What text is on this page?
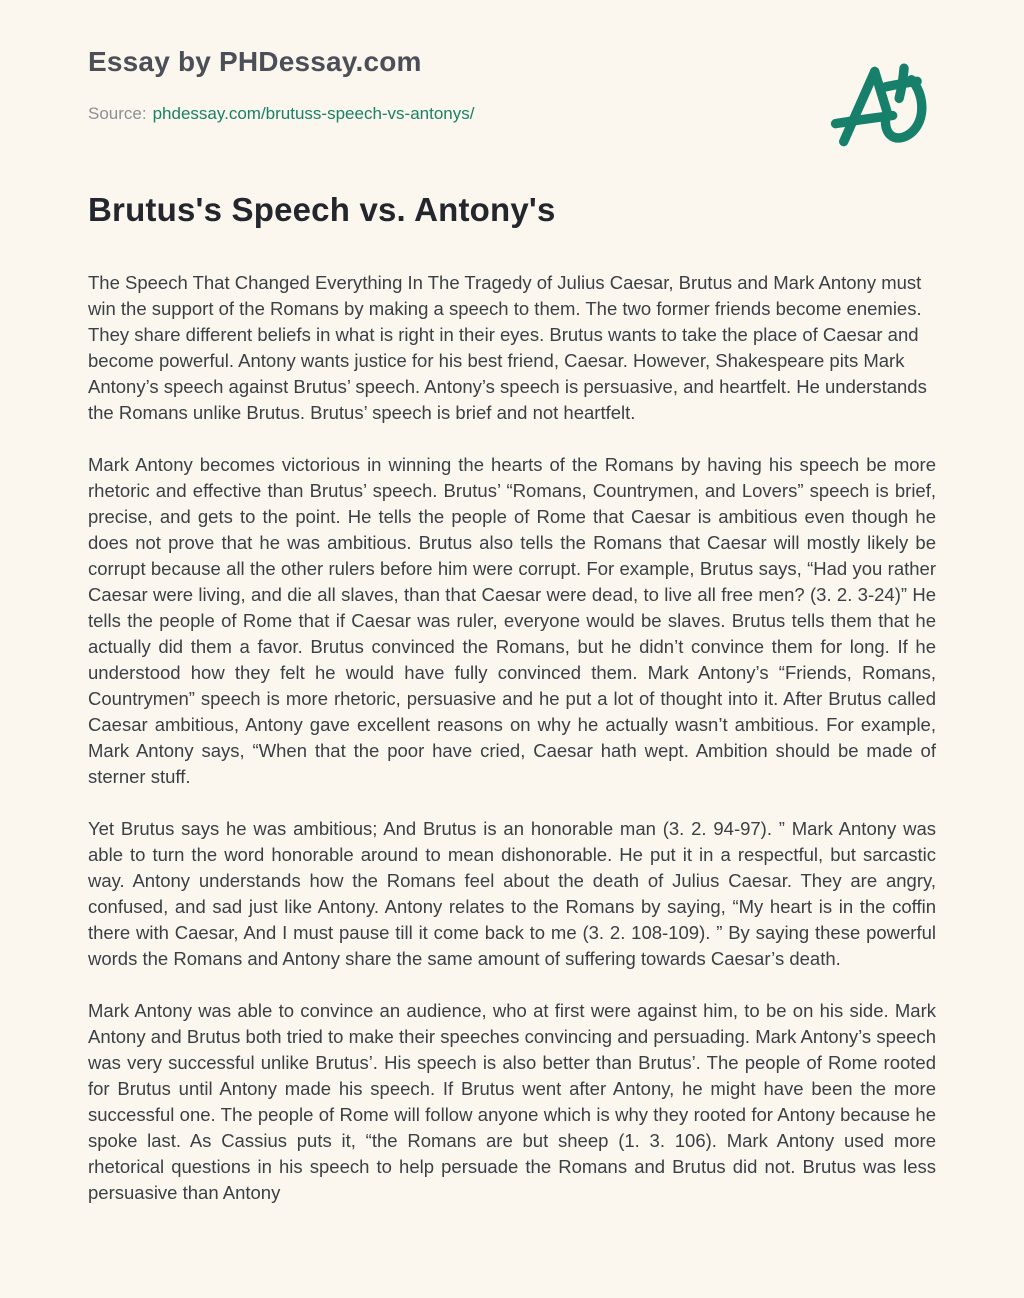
Essay by PHDessay.com
Source: phdessay.com/brutuss-speech-vs-antonys/
Brutus's Speech vs. Antony's

The Speech That Changed Everything In The Tragedy of Julius Caesar, Brutus and Mark Antony must win the support of the Romans by making a speech to them. The two former friends become enemies. They share different beliefs in what is right in their eyes. Brutus wants to take the place of Caesar and become powerful. Antony wants justice for his best friend, Caesar. However, Shakespeare pits Mark Antony’s speech against Brutus’ speech. Antony’s speech is persuasive, and heartfelt. He understands the Romans unlike Brutus. Brutus’ speech is brief and not heartfelt.

Mark Antony becomes victorious in winning the hearts of the Romans by having his speech be more rhetoric and effective than Brutus’ speech. Brutus’ “Romans, Countrymen, and Lovers” speech is brief, precise, and gets to the point. He tells the people of Rome that Caesar is ambitious even though he does not prove that he was ambitious. Brutus also tells the Romans that Caesar will mostly likely be corrupt because all the other rulers before him were corrupt. For example, Brutus says, “Had you rather Caesar were living, and die all slaves, than that Caesar were dead, to live all free men? (3. 2. 3-24)” He tells the people of Rome that if Caesar was ruler, everyone would be slaves. Brutus tells them that he actually did them a favor. Brutus convinced the Romans, but he didn’t convince them for long. If he understood how they felt he would have fully convinced them. Mark Antony’s “Friends, Romans, Countrymen” speech is more rhetoric, persuasive and he put a lot of thought into it. After Brutus called Caesar ambitious, Antony gave excellent reasons on why he actually wasn’t ambitious. For example, Mark Antony says, “When that the poor have cried, Caesar hath wept. Ambition should be made of sterner stuff.

Yet Brutus says he was ambitious; And Brutus is an honorable man (3. 2. 94-97). ” Mark Antony was able to turn the word honorable around to mean dishonorable. He put it in a respectful, but sarcastic way. Antony understands how the Romans feel about the death of Julius Caesar. They are angry, confused, and sad just like Antony. Antony relates to the Romans by saying, “My heart is in the coffin there with Caesar, And I must pause till it come back to me (3. 2. 108-109). ” By saying these powerful words the Romans and Antony share the same amount of suffering towards Caesar’s death.

Mark Antony was able to convince an audience, who at first were against him, to be on his side. Mark Antony and Brutus both tried to make their speeches convincing and persuading. Mark Antony’s speech was very successful unlike Brutus’. His speech is also better than Brutus’. The people of Rome rooted for Brutus until Antony made his speech. If Brutus went after Antony, he might have been the more successful one. The people of Rome will follow anyone which is why they rooted for Antony because he spoke last. As Cassius puts it, “the Romans are but sheep (1. 3. 106). Mark Antony used more rhetorical questions in his speech to help persuade the Romans and Brutus did not. Brutus was less persuasive than Antony
